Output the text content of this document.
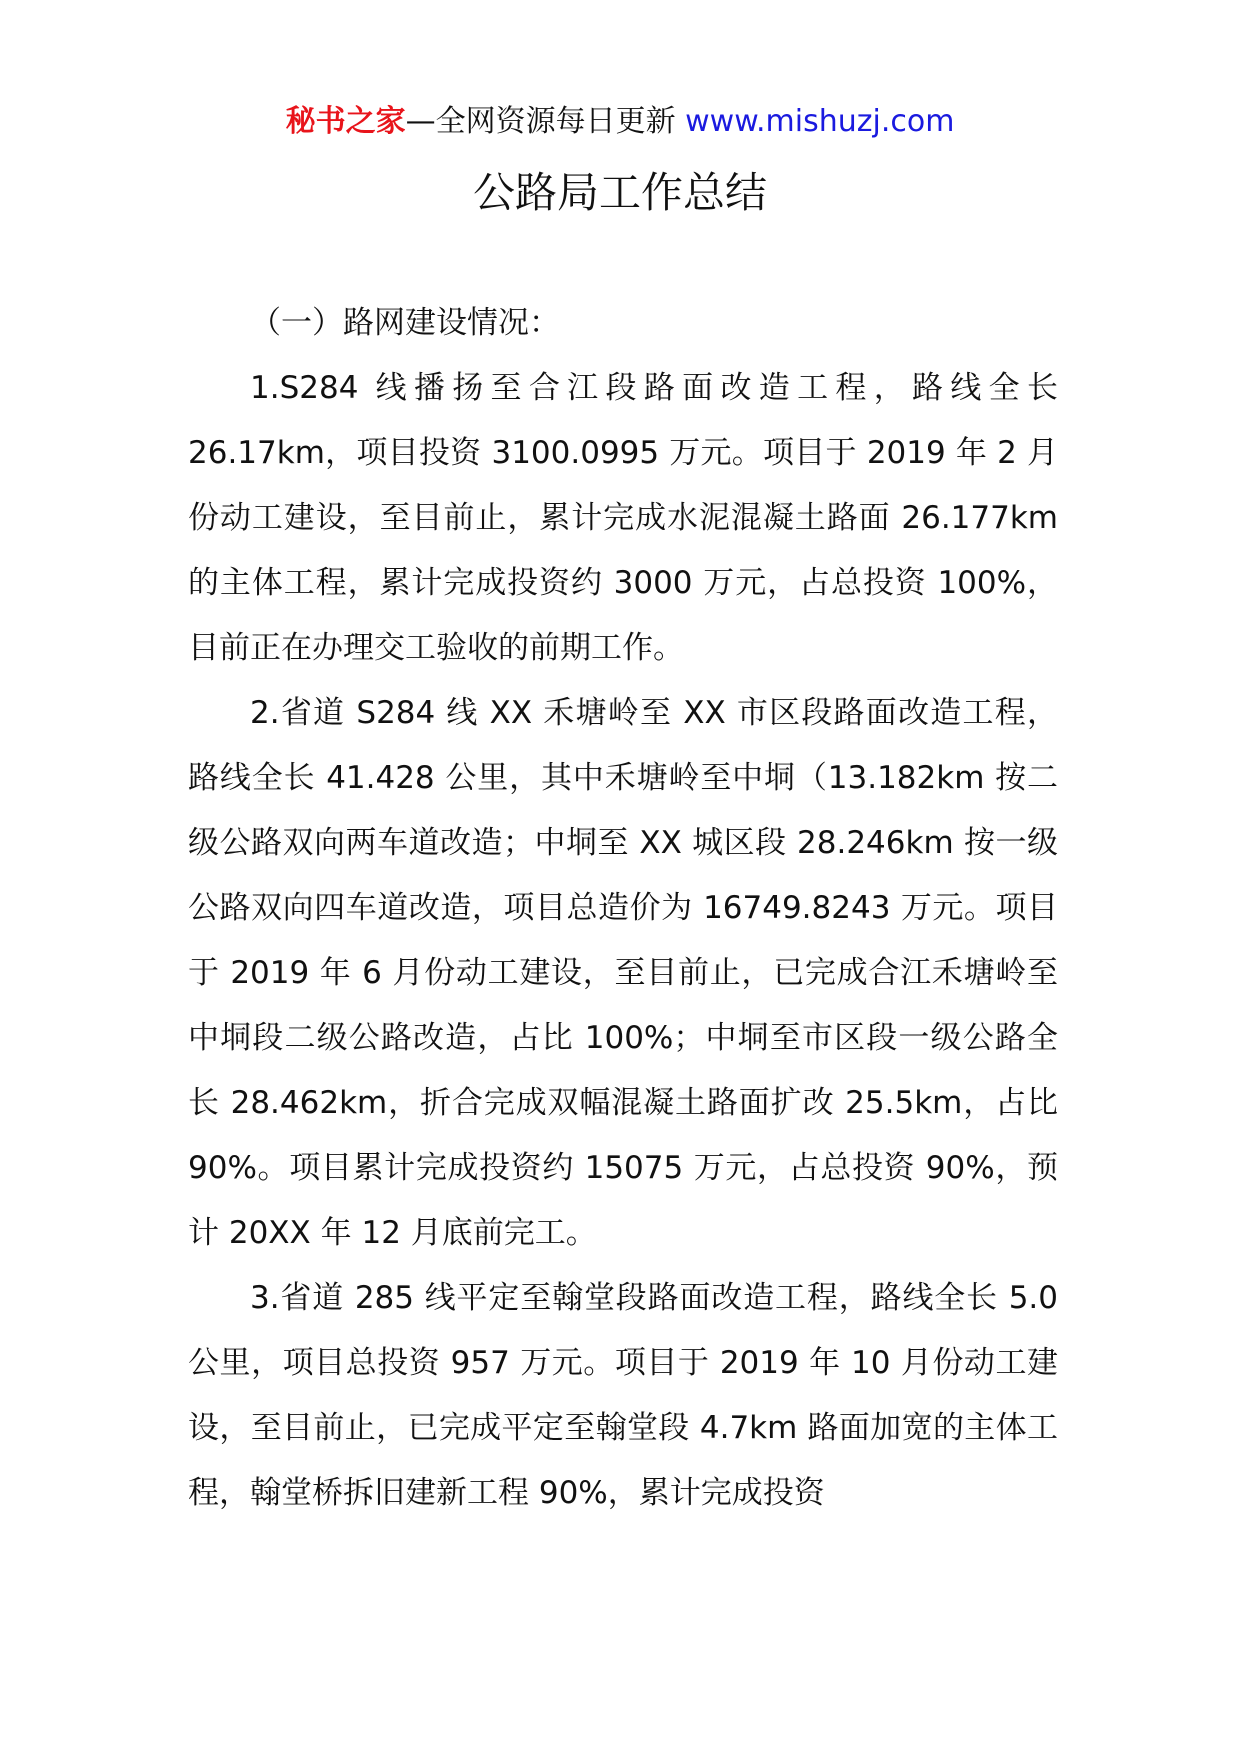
秘书之家—全网资源每日更新 www.mishuzj.com
公路局工作总结

（一）路网建设情况：

1.S284 线播扬至合江段路面改造工程，路线全长 26.17km，项目投资 3100.0995 万元。项目于 2019 年 2 月份动工建设，至目前止，累计完成水泥混凝土路面 26.177km 的主体工程，累计完成投资约 3000 万元，占总投资 100%，目前正在办理交工验收的前期工作。

2.省道 S284 线 XX 禾塘岭至 XX 市区段路面改造工程，路线全长 41.428 公里，其中禾塘岭至中垌（13.182km 按二级公路双向两车道改造；中垌至 XX 城区段 28.246km 按一级公路双向四车道改造，项目总造价为 16749.8243 万元。项目于 2019 年 6 月份动工建设，至目前止，已完成合江禾塘岭至中垌段二级公路改造，占比 100%；中垌至市区段一级公路全长 28.462km，折合完成双幅混凝土路面扩改 25.5km，占比 90%。项目累计完成投资约 15075 万元，占总投资 90%，预计 20XX 年 12 月底前完工。

3.省道 285 线平定至翰堂段路面改造工程，路线全长 5.0 公里，项目总投资 957 万元。项目于 2019 年 10 月份动工建设，至目前止，已完成平定至翰堂段 4.7km 路面加宽的主体工程，翰堂桥拆旧建新工程 90%，累计完成投资
